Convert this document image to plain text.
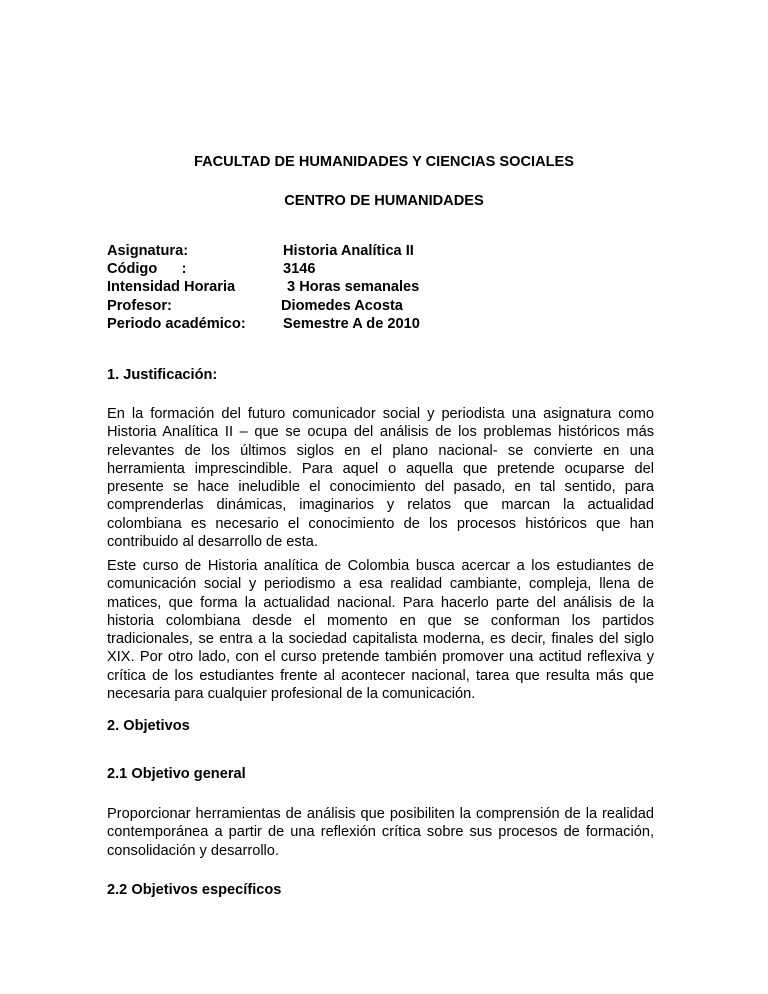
FACULTAD DE HUMANIDADES Y CIENCIAS SOCIALES

CENTRO DE HUMANIDADES

Asignatura:	Historia Analítica II
Código      :	3146
Intensidad Horaria	3 Horas semanales
Profesor:	Diomedes Acosta
Periodo académico:	Semestre A de 2010

1. Justificación:

En la formación del futuro comunicador social y periodista una asignatura como Historia Analítica II – que se ocupa del análisis de los problemas históricos más relevantes de los últimos siglos en el plano nacional- se convierte en una herramienta imprescindible. Para aquel o aquella que pretende ocuparse del presente se hace ineludible el conocimiento del pasado, en tal sentido, para comprenderlas dinámicas, imaginarios y relatos que marcan la actualidad colombiana es necesario el conocimiento de los procesos históricos que han contribuido al desarrollo de esta.

Este curso de Historia analítica de Colombia busca acercar a los estudiantes de comunicación social y periodismo a esa realidad cambiante, compleja, llena de matices, que forma la actualidad nacional. Para hacerlo parte del análisis de la historia colombiana desde el momento en que se conforman los partidos tradicionales, se entra a la sociedad capitalista moderna, es decir, finales del siglo XIX. Por otro lado, con el curso pretende también promover una actitud reflexiva y crítica de los estudiantes frente al acontecer nacional, tarea que resulta más que necesaria para cualquier profesional de la comunicación.

2. Objetivos

2.1 Objetivo general

Proporcionar herramientas de análisis que posibiliten la comprensión de la realidad contemporánea a partir de una reflexión crítica sobre sus procesos de formación, consolidación y desarrollo.

2.2 Objetivos específicos
